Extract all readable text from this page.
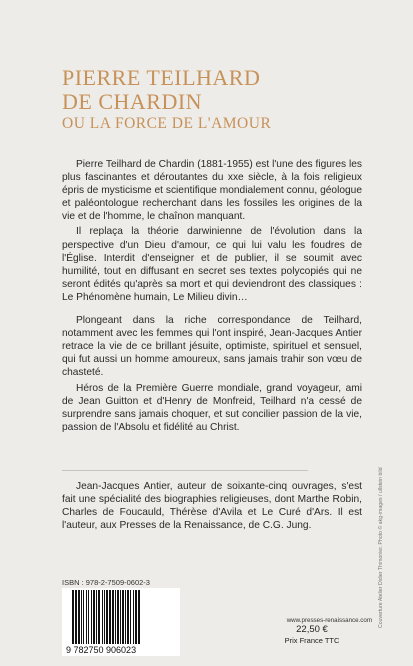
PIERRE TEILHARD
DE CHARDIN
OU LA FORCE DE L'AMOUR

Pierre Teilhard de Chardin (1881-1955) est l'une des figures les plus fascinantes et déroutantes du xxe siècle, à la fois religieux épris de mysticisme et scientifique mondialement connu, géologue et paléontologue recherchant dans les fossiles les origines de la vie et de l'homme, le chaînon manquant.

Il replaça la théorie darwinienne de l'évolution dans la perspective d'un Dieu d'amour, ce qui lui valu les foudres de l'Église. Interdit d'enseigner et de publier, il se soumit avec humilité, tout en diffusant en secret ses textes polycopiés qui ne seront édités qu'après sa mort et qui deviendront des classiques : Le Phénomène humain, Le Milieu divin…

Plongeant dans la riche correspondance de Teilhard, notamment avec les femmes qui l'ont inspiré, Jean-Jacques Antier retrace la vie de ce brillant jésuite, optimiste, spirituel et sensuel, qui fut aussi un homme amoureux, sans jamais trahir son vœu de chasteté.

Héros de la Première Guerre mondiale, grand voyageur, ami de Jean Guitton et d'Henry de Monfreid, Teilhard n'a cessé de surprendre sans jamais choquer, et sut concilier passion de la vie, passion de l'Absolu et fidélité au Christ.

Jean-Jacques Antier, auteur de soixante-cinq ouvrages, s'est fait une spécialité des biographies religieuses, dont Marthe Robin, Charles de Foucauld, Thérèse d'Avila et Le Curé d'Ars. Il est l'auteur, aux Presses de la Renaissance, de C.G. Jung.	Couverture Atelier Didier Thimonier. Photo © akg-images / ullstein bild
ISBN : 978-2-7509-0602-3
9 782750 906023
www.presses-renaissance.com
22,50 €
Prix France TTC
